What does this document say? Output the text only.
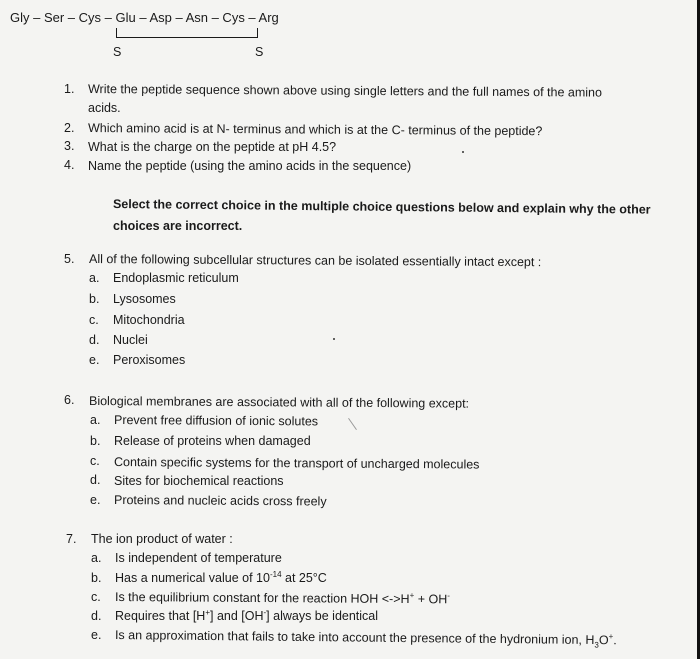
Gly – Ser – Cys – Glu – Asp – Asn – Cys – Arg
S	S
1. Write the peptide sequence shown above using single letters and the full names of the amino
acids.
2. Which amino acid is at N- terminus and which is at the C- terminus of the peptide?
3. What is the charge on the peptide at pH 4.5?
4. Name the peptide (using the amino acids in the sequence)
Select the correct choice in the multiple choice questions below and explain why the other
choices are incorrect.
5. All of the following subcellular structures can be isolated essentially intact except :
a. Endoplasmic reticulum
b. Lysosomes
c. Mitochondria
d. Nuclei
e. Peroxisomes
6. Biological membranes are associated with all of the following except:
a. Prevent free diffusion of ionic solutes
b. Release of proteins when damaged
c. Contain specific systems for the transport of uncharged molecules
d. Sites for biochemical reactions
e. Proteins and nucleic acids cross freely
7. The ion product of water :
a. Is independent of temperature
b. Has a numerical value of $10^{-14}$ at 25°C
c. Is the equilibrium constant for the reaction HOH <->H+ + OH-
d. Requires that [H+] and [OH-] always be identical
e. Is an approximation that fails to take into account the presence of the hydronium ion, $H_3O^+$.
